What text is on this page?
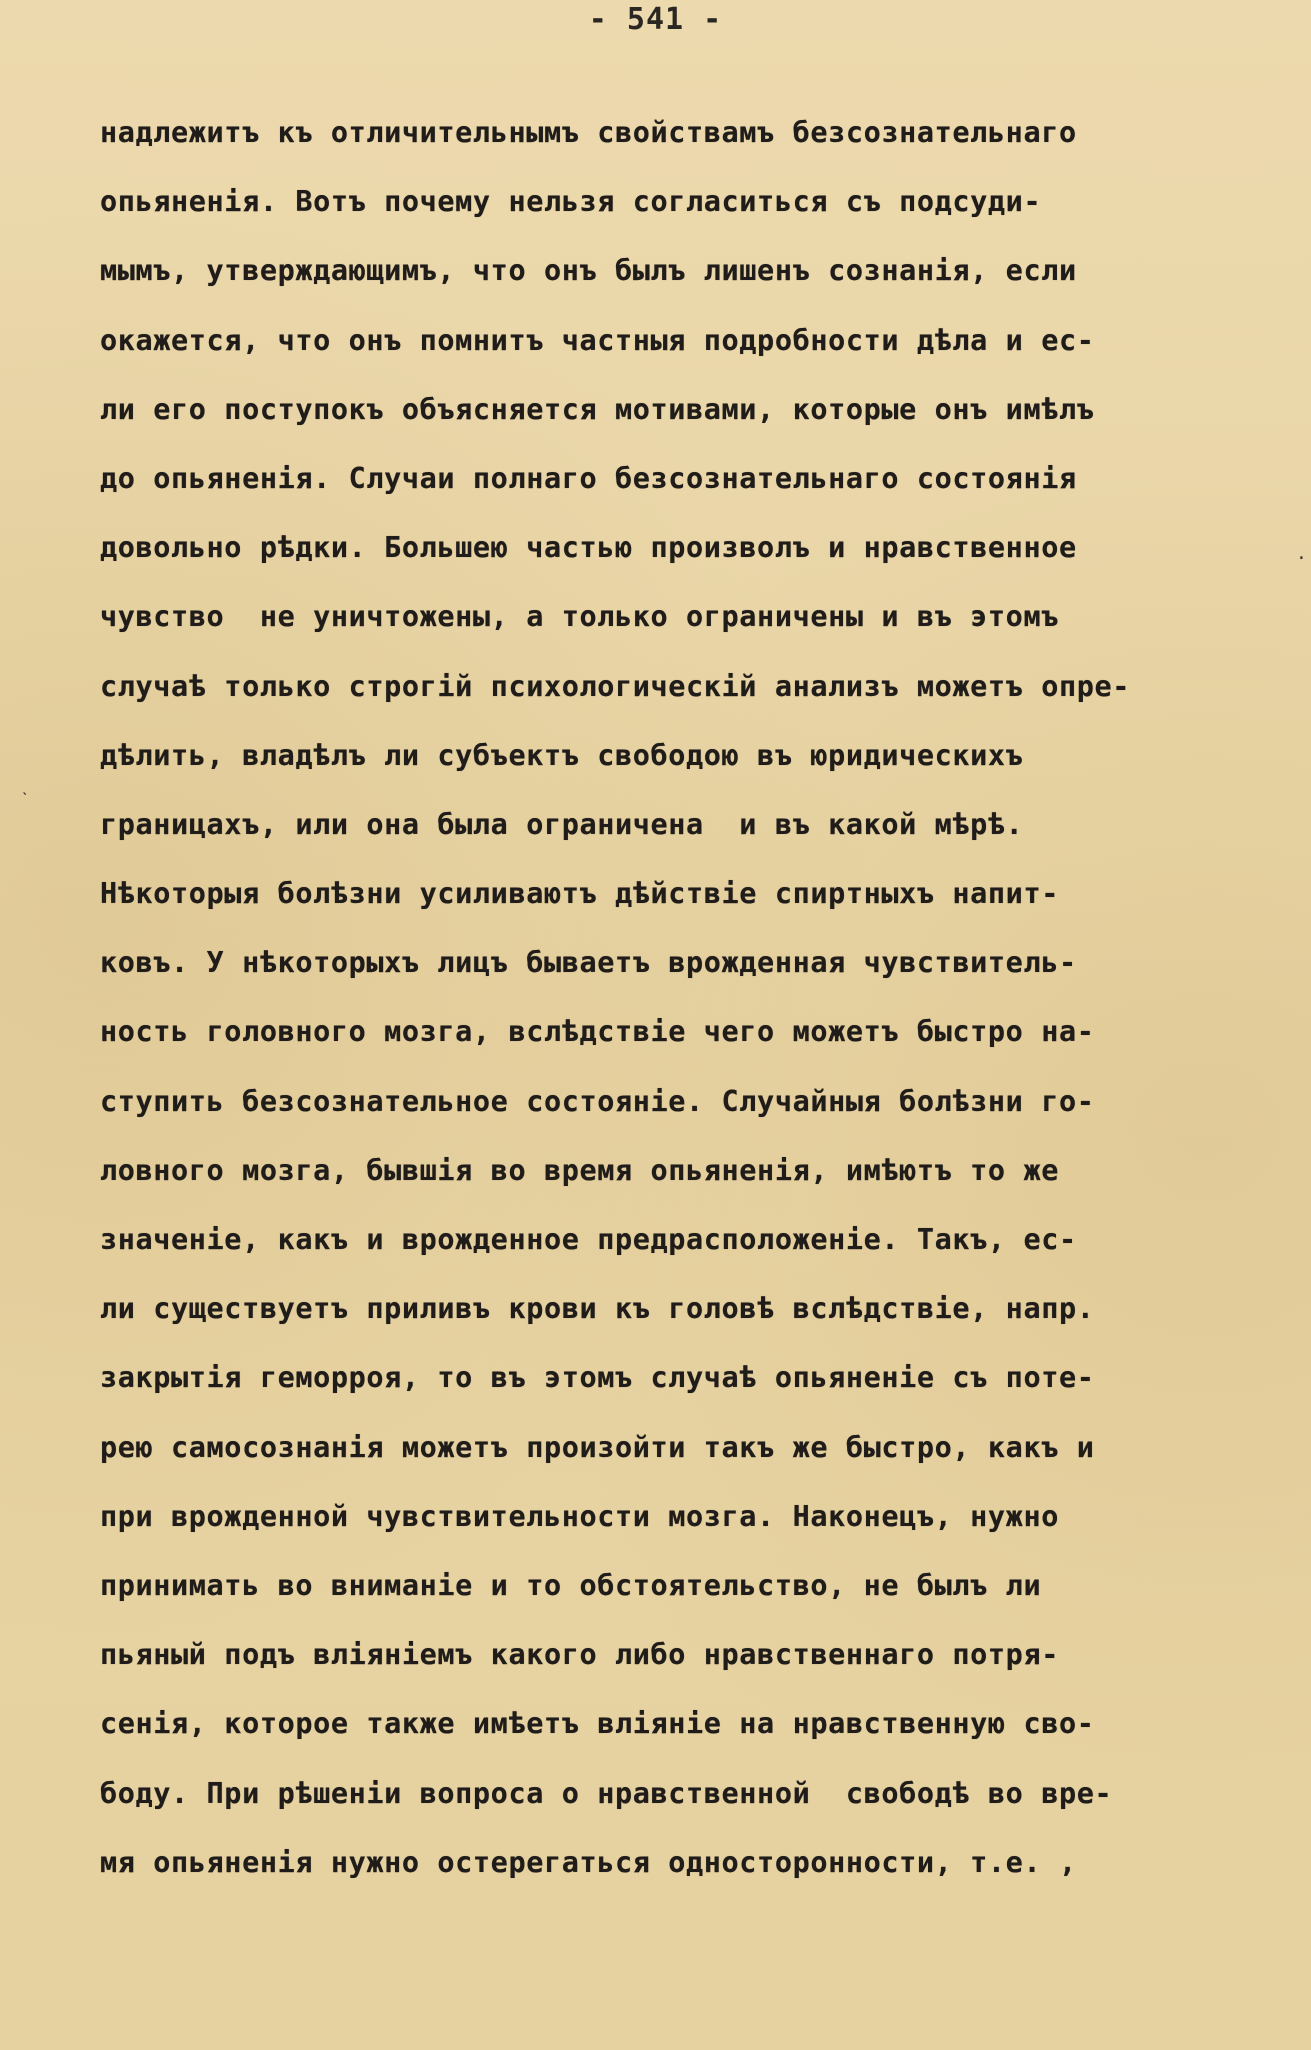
- 541 -
надлежитъ къ отличительнымъ свойствамъ безсознательнаго
опьяненія. Вотъ почему нельзя согласиться съ подсуди-
мымъ, утверждающимъ, что онъ былъ лишенъ сознанія, если
окажется, что онъ помнитъ частныя подробности дѣла и ес-
ли его поступокъ объясняется мотивами, которые онъ имѣлъ
до опьяненія. Случаи полнаго безсознательнаго состоянія
довольно рѣдки. Большею частью произволъ и нравственное
чувство  не уничтожены, а только ограничены и въ этомъ
случаѣ только строгій психологическій анализъ можетъ опре-
дѣлить, владѣлъ ли субъектъ свободою въ юридическихъ
границахъ, или она была ограничена  и въ какой мѣрѣ.
Нѣкоторыя болѣзни усиливаютъ дѣйствіе спиртныхъ напит-
ковъ. У нѣкоторыхъ лицъ бываетъ врожденная чувствитель-
ность головного мозга, вслѣдствіе чего можетъ быстро на-
ступить безсознательное состояніе. Случайныя болѣзни го-
ловного мозга, бывшія во время опьяненія, имѣютъ то же
значеніе, какъ и врожденное предрасположеніе. Такъ, ес-
ли существуетъ приливъ крови къ головѣ вслѣдствіе, напр.
закрытія геморроя, то въ этомъ случаѣ опьяненіе съ поте-
рею самосознанія можетъ произойти такъ же быстро, какъ и
при врожденной чувствительности мозга. Наконецъ, нужно
принимать во вниманіе и то обстоятельство, не былъ ли
пьяный подъ вліяніемъ какого либо нравственнаго потря-
сенія, которое также имѣетъ вліяніе на нравственную сво-
боду. При рѣшеніи вопроса о нравственной  свободѣ во вре-
мя опьяненія нужно остерегаться односторонности, т.е. ,
ˋ
·
